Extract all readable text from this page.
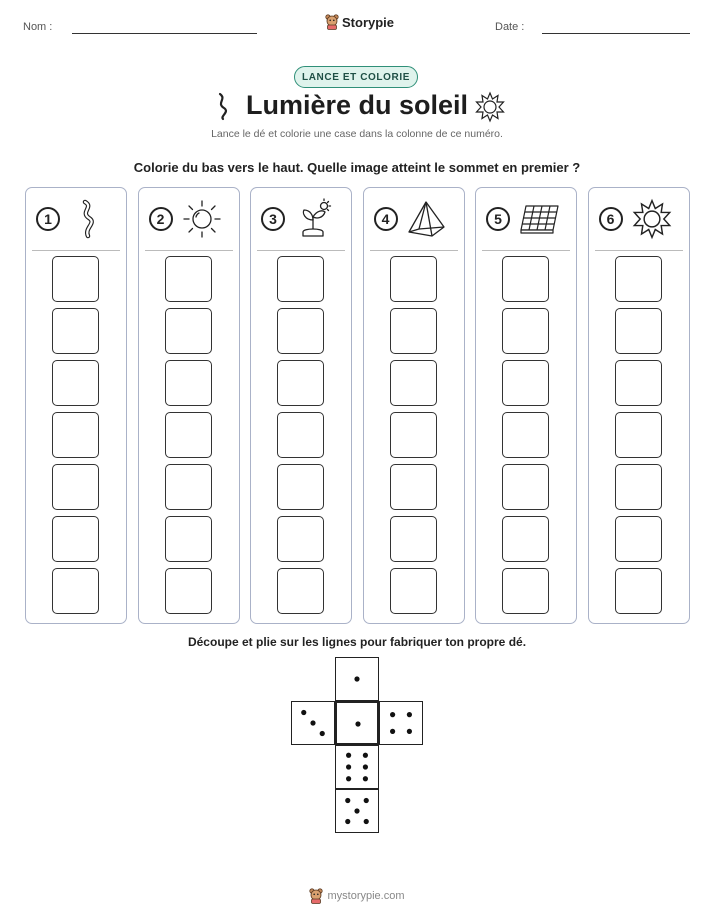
Nom :	Storypie	Date :
LANCE ET COLORIE
Lumière du soleil
Lance le dé et colorie une case dans la colonne de ce numéro.
Colorie du bas vers le haut. Quelle image atteint le sommet en premier ?
1	2	3	4	5	6
Découpe et plie sur les lignes pour fabriquer ton propre dé.
mystorypie.com
